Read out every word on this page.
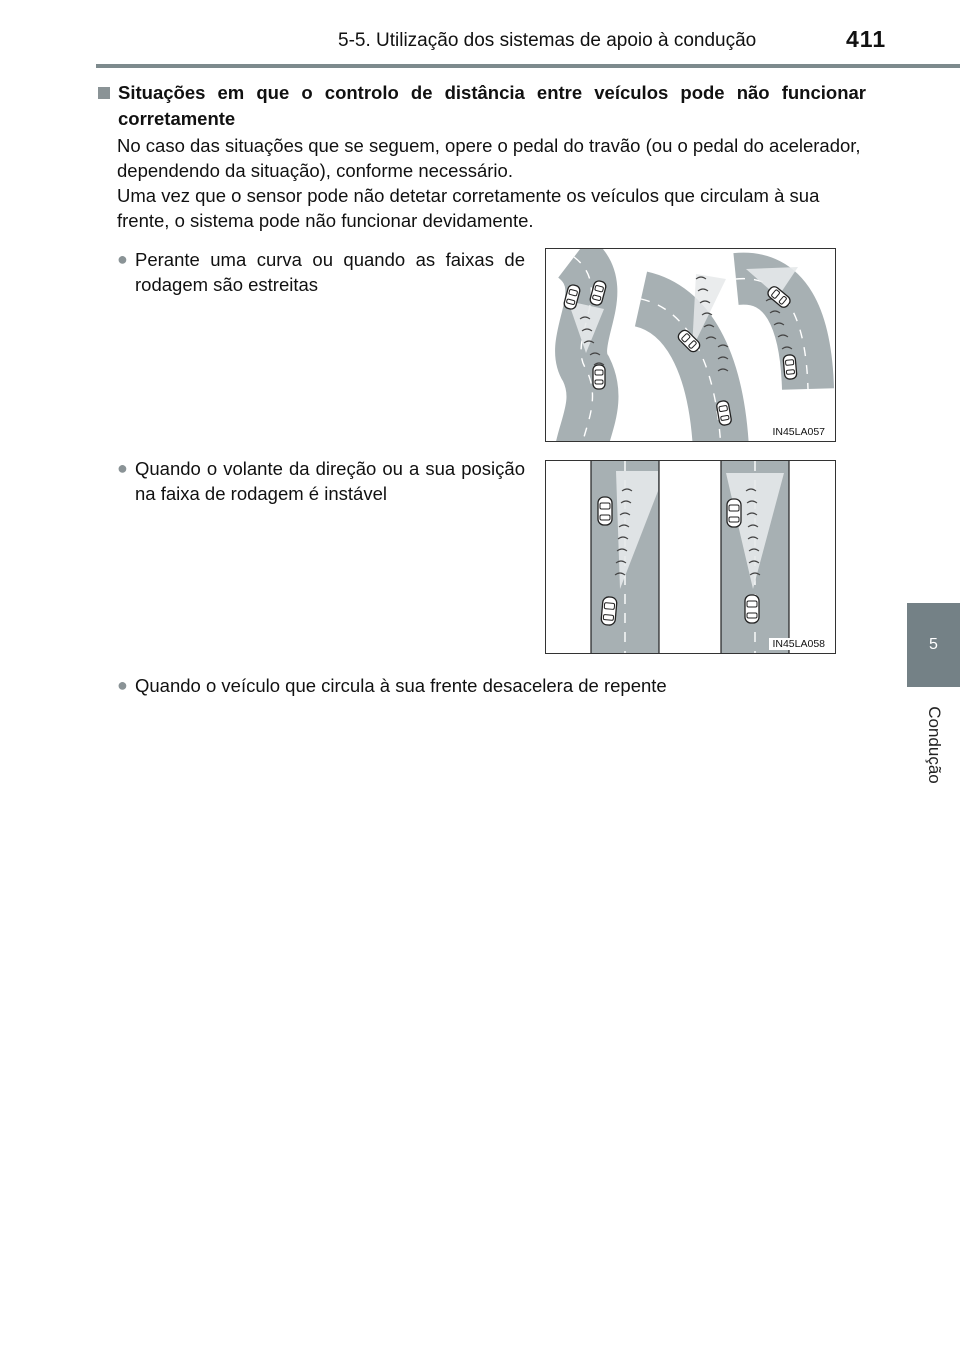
5-5. Utilização dos sistemas de apoio à condução	411
5
Condução
Situações em que o controlo de distância entre veículos pode não funcionar corretamente

No caso das situações que se seguem, opere o pedal do travão (ou o pedal do acelerador, dependendo da situação), conforme necessário.

Uma vez que o sensor pode não detetar corretamente os veículos que circulam à sua frente, o sistema pode não funcionar devidamente.

● Perante uma curva ou quando as faixas de rodagem são estreitas
IN45LA057
● Quando o volante da direção ou a sua posição na faixa de rodagem é instável
IN45LA058
● Quando o veículo que circula à sua frente desacelera de repente
